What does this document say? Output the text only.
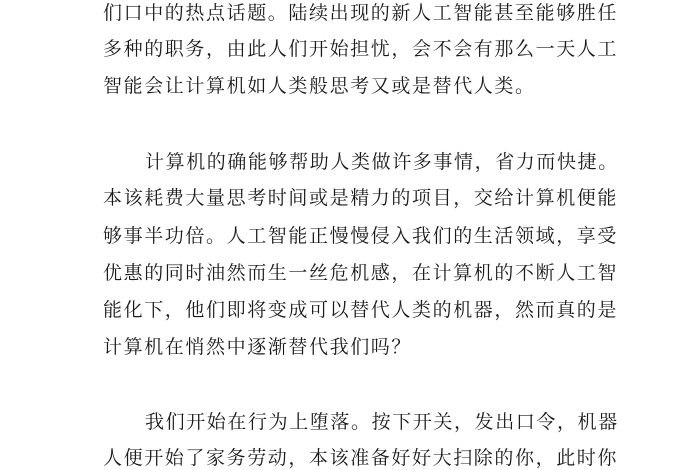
们口中的热点话题。陆续出现的新人工智能甚至能够胜任
多种的职务，由此人们开始担忧，会不会有那么一天人工
智能会让计算机如人类般思考又或是替代人类。
计算机的确能够帮助人类做许多事情，省力而快捷。
本该耗费大量思考时间或是精力的项目，交给计算机便能
够事半功倍。人工智能正慢慢侵入我们的生活领域，享受
优惠的同时油然而生一丝危机感，在计算机的不断人工智
能化下，他们即将变成可以替代人类的机器，然而真的是
计算机在悄然中逐渐替代我们吗？
我们开始在行为上堕落。按下开关，发出口令，机器
人便开始了家务劳动，本该准备好好大扫除的你，此时你
